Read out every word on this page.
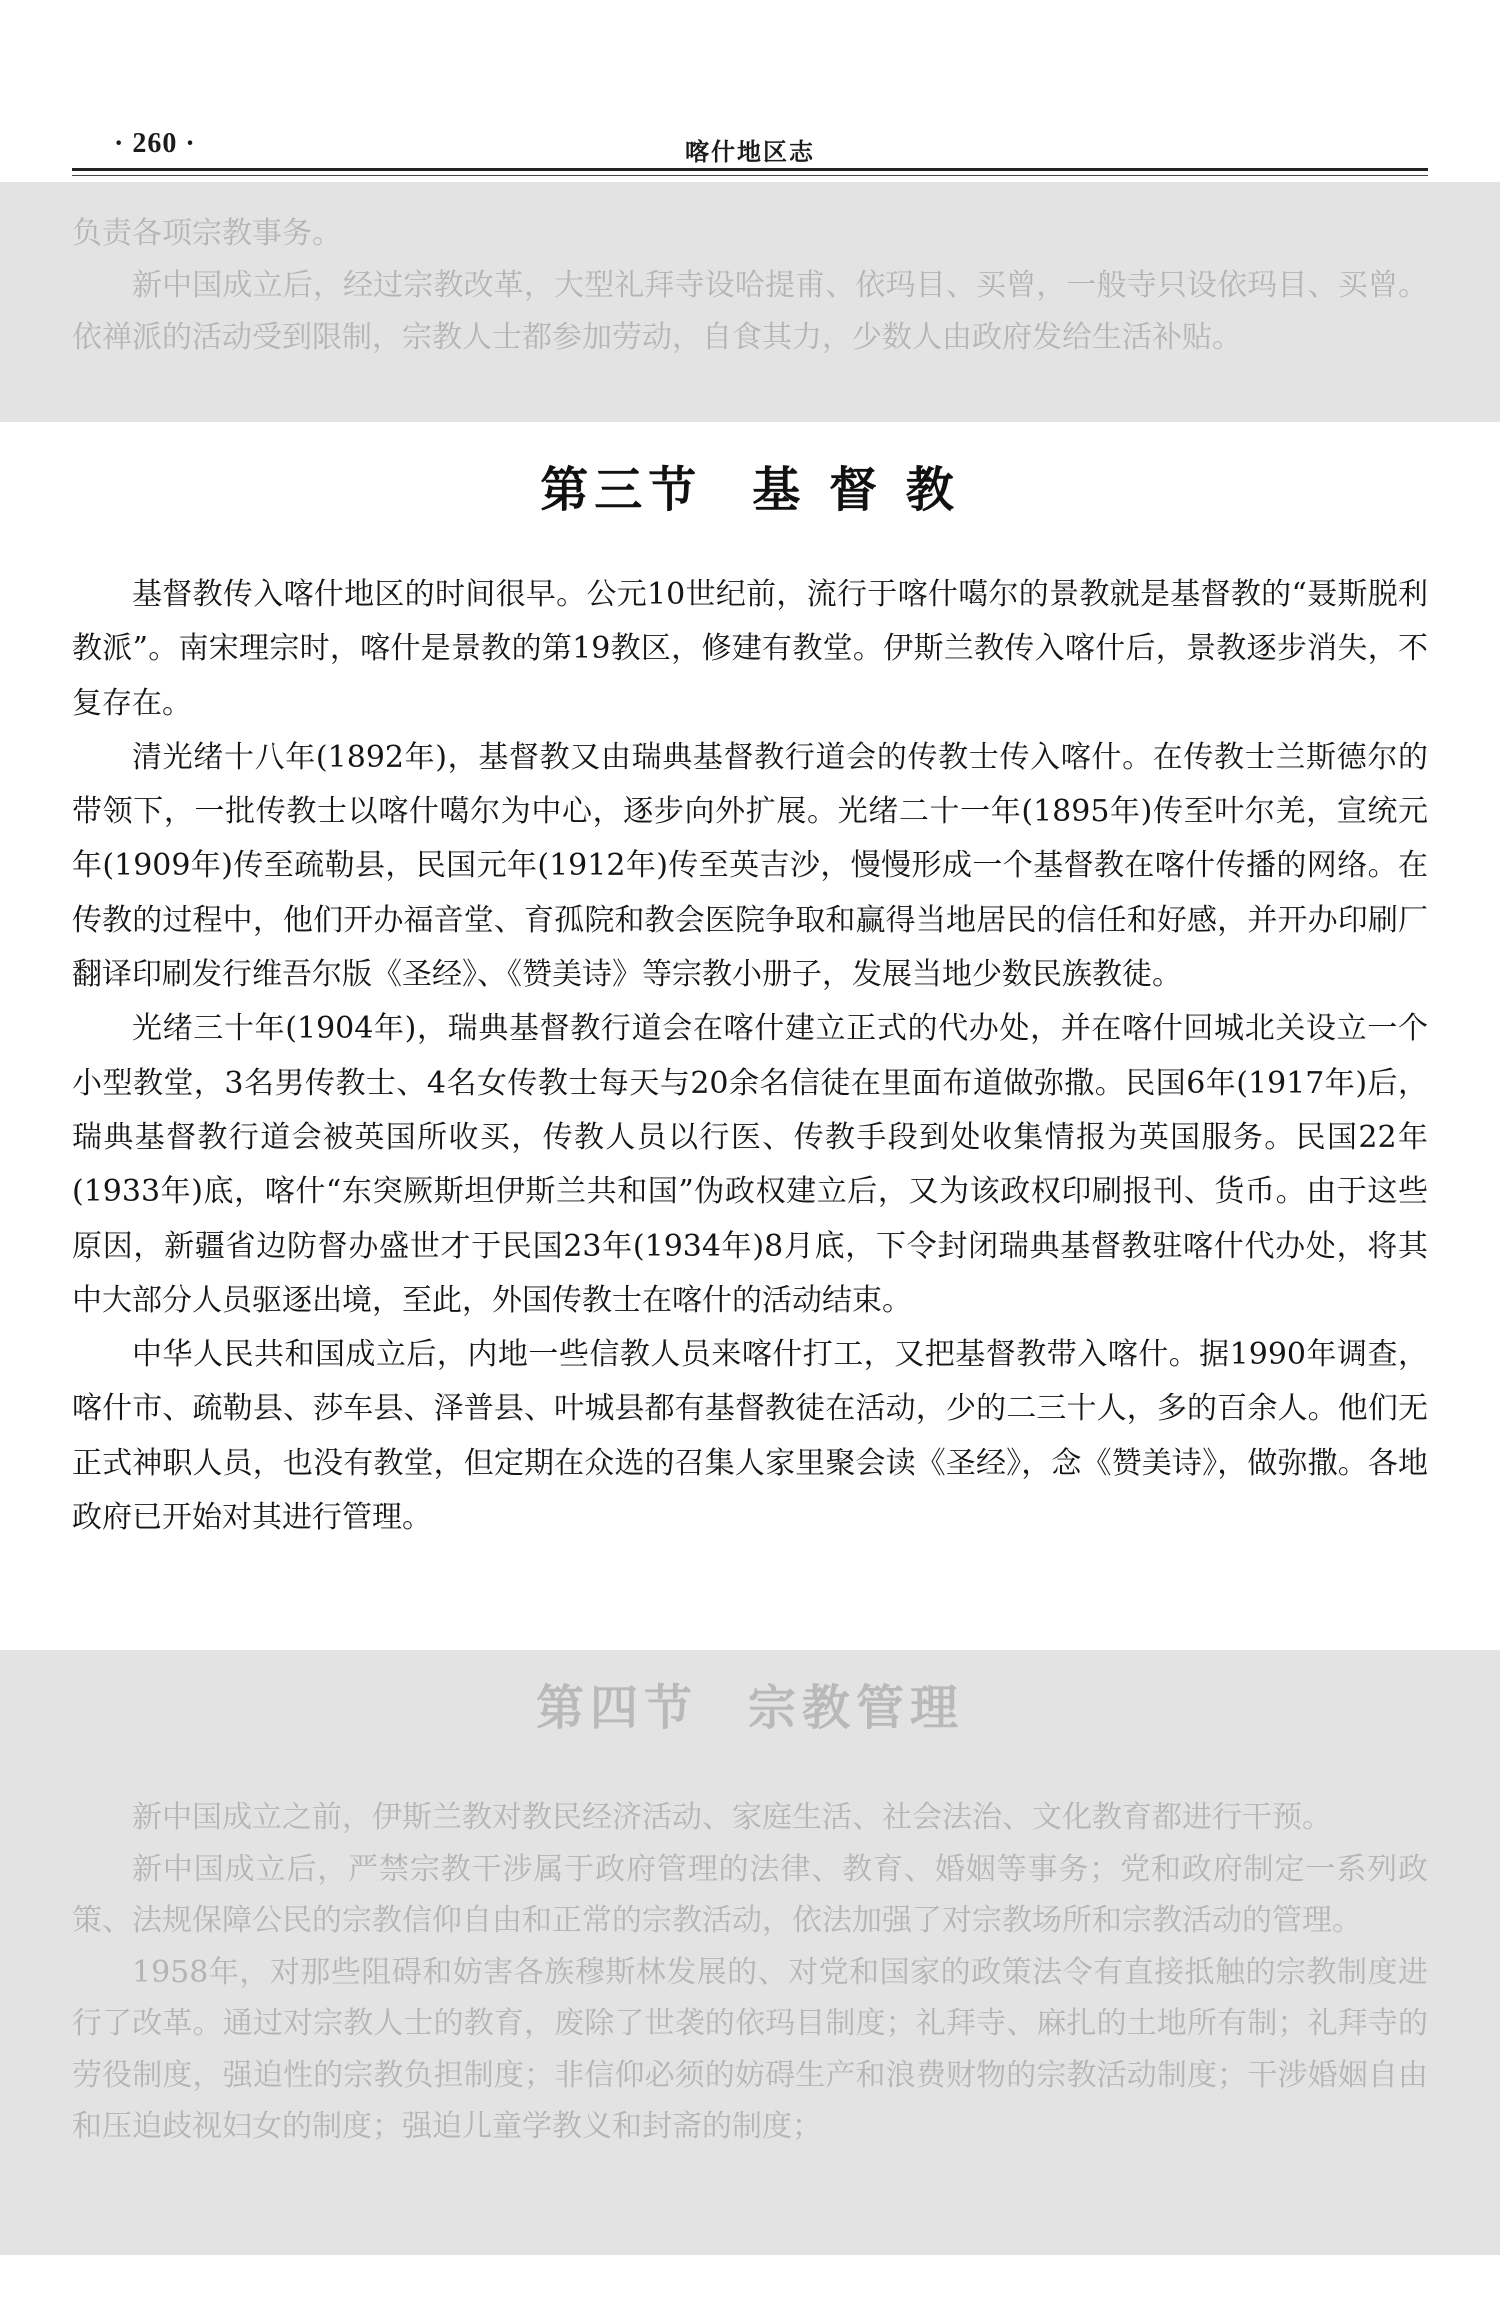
· 260 ·	喀什地区志

负责各项宗教事务。

新中国成立后，经过宗教改革，大型礼拜寺设哈提甫、依玛目、买曾，一般寺只设依玛目、买曾。依禅派的活动受到限制，宗教人士都参加劳动，自食其力，少数人由政府发给生活补贴。

第三节 基 督 教

基督教传入喀什地区的时间很早。公元10世纪前，流行于喀什噶尔的景教就是基督教的“聂斯脱利教派”。南宋理宗时，喀什是景教的第19教区，修建有教堂。伊斯兰教传入喀什后，景教逐步消失，不复存在。

清光绪十八年(1892年)，基督教又由瑞典基督教行道会的传教士传入喀什。在传教士兰斯德尔的带领下，一批传教士以喀什噶尔为中心，逐步向外扩展。光绪二十一年(1895年)传至叶尔羌，宣统元年(1909年)传至疏勒县，民国元年(1912年)传至英吉沙，慢慢形成一个基督教在喀什传播的网络。在传教的过程中，他们开办福音堂、育孤院和教会医院争取和赢得当地居民的信任和好感，并开办印刷厂翻译印刷发行维吾尔版《圣经》、《赞美诗》等宗教小册子，发展当地少数民族教徒。

光绪三十年(1904年)，瑞典基督教行道会在喀什建立正式的代办处，并在喀什回城北关设立一个小型教堂，3名男传教士、4名女传教士每天与20余名信徒在里面布道做弥撒。民国6年(1917年)后，瑞典基督教行道会被英国所收买，传教人员以行医、传教手段到处收集情报为英国服务。民国22年(1933年)底，喀什“东突厥斯坦伊斯兰共和国”伪政权建立后，又为该政权印刷报刊、货币。由于这些原因，新疆省边防督办盛世才于民国23年(1934年)8月底，下令封闭瑞典基督教驻喀什代办处，将其中大部分人员驱逐出境，至此，外国传教士在喀什的活动结束。

中华人民共和国成立后，内地一些信教人员来喀什打工，又把基督教带入喀什。据1990年调查，喀什市、疏勒县、莎车县、泽普县、叶城县都有基督教徒在活动，少的二三十人，多的百余人。他们无正式神职人员，也没有教堂，但定期在众选的召集人家里聚会读《圣经》，念《赞美诗》，做弥撒。各地政府已开始对其进行管理。

第四节 宗教管理

新中国成立之前，伊斯兰教对教民经济活动、家庭生活、社会法治、文化教育都进行干预。

新中国成立后，严禁宗教干涉属于政府管理的法律、教育、婚姻等事务；党和政府制定一系列政策、法规保障公民的宗教信仰自由和正常的宗教活动，依法加强了对宗教场所和宗教活动的管理。

1958年，对那些阻碍和妨害各族穆斯林发展的、对党和国家的政策法令有直接抵触的宗教制度进行了改革。通过对宗教人士的教育，废除了世袭的依玛目制度；礼拜寺、麻扎的土地所有制；礼拜寺的劳役制度，强迫性的宗教负担制度；非信仰必须的妨碍生产和浪费财物的宗教活动制度；干涉婚姻自由和压迫歧视妇女的制度；强迫儿童学教义和封斋的制度；
